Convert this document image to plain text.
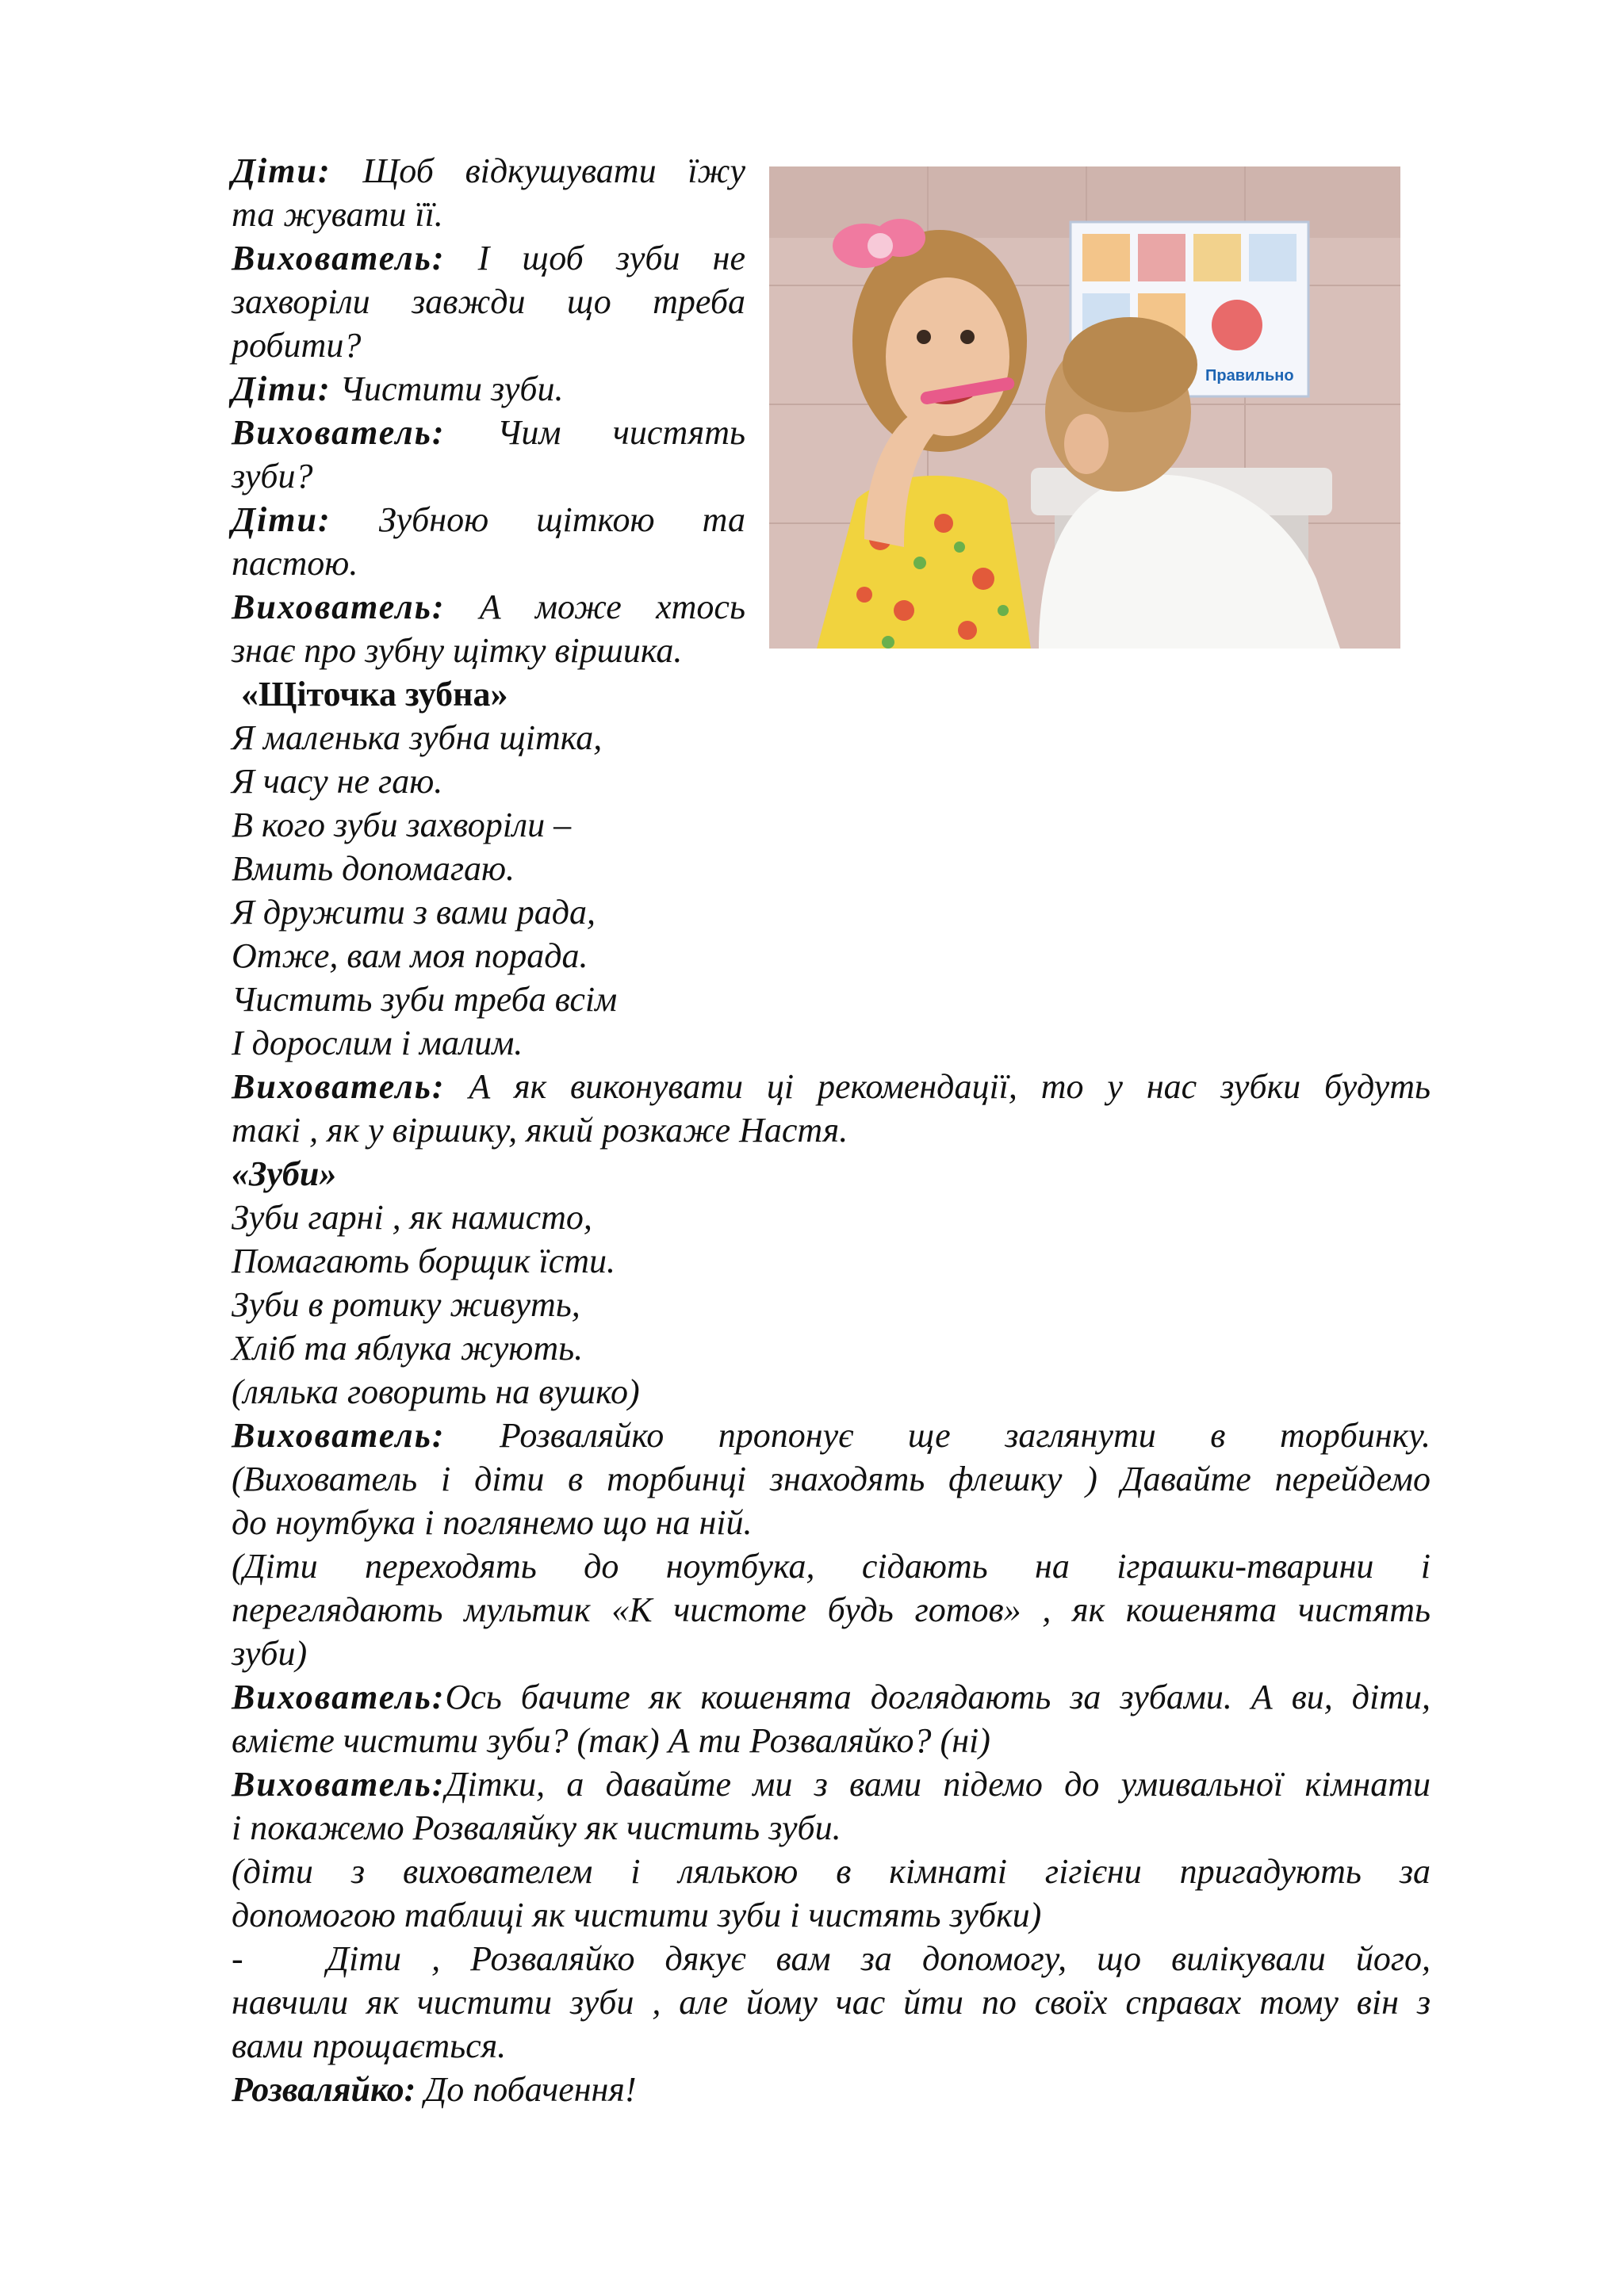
Правильно

Діти: Щоб відкушувати їжу

та жувати її.

Вихователь: І щоб зуби не

захворіли завжди що треба

робити?

Діти: Чистити зуби.

Вихователь: Чим чистять

зуби?

Діти: Зубною щіткою та

пастою.

Вихователь: А може хтось

знає про зубну щітку віршика.

«Щіточка зубна»

Я маленька зубна щітка,

Я часу не гаю.

В кого зуби захворіли –

Вмить допомагаю.

Я дружити з вами рада,

Отже, вам моя порада.

Чистить зуби треба всім

І дорослим і малим.

Вихователь: А як виконувати ці рекомендації, то у нас зубки будуть

такі , як у віршику, який розкаже Настя.

«Зуби»

Зуби гарні , як намисто,

Помагають борщик їсти.

Зуби в ротику живуть,

Хліб та яблука жують.

(лялька говорить на вушко)

Вихователь: Розваляйко пропонує ще заглянути в торбинку.

(Вихователь і діти в торбинці знаходять флешку ) Давайте перейдемо

до ноутбука і поглянемо що на ній.

(Діти переходять до ноутбука, сідають на іграшки-тварини і

переглядають мультик «К чистоте будь готов» , як кошенята чистять

зуби)

Вихователь:Ось бачите як кошенята доглядають за зубами. А ви, діти,

вмієте чистити зуби? (так) А ти Розваляйко? (ні)

Вихователь:Дітки, а давайте ми з вами підемо до умивальної кімнати

і покажемо Розваляйку як чистить зуби.

(діти з вихователем і лялькою в кімнаті гігієни пригадують за

допомогою таблиці як чистити зуби і чистять зубки)

-	Діти , Розваляйко дякує вам за допомогу, що вилікували його,

навчили як чистити зуби , але йому час йти по своїх справах тому він з

вами прощається.

Розваляйко: До побачення!
